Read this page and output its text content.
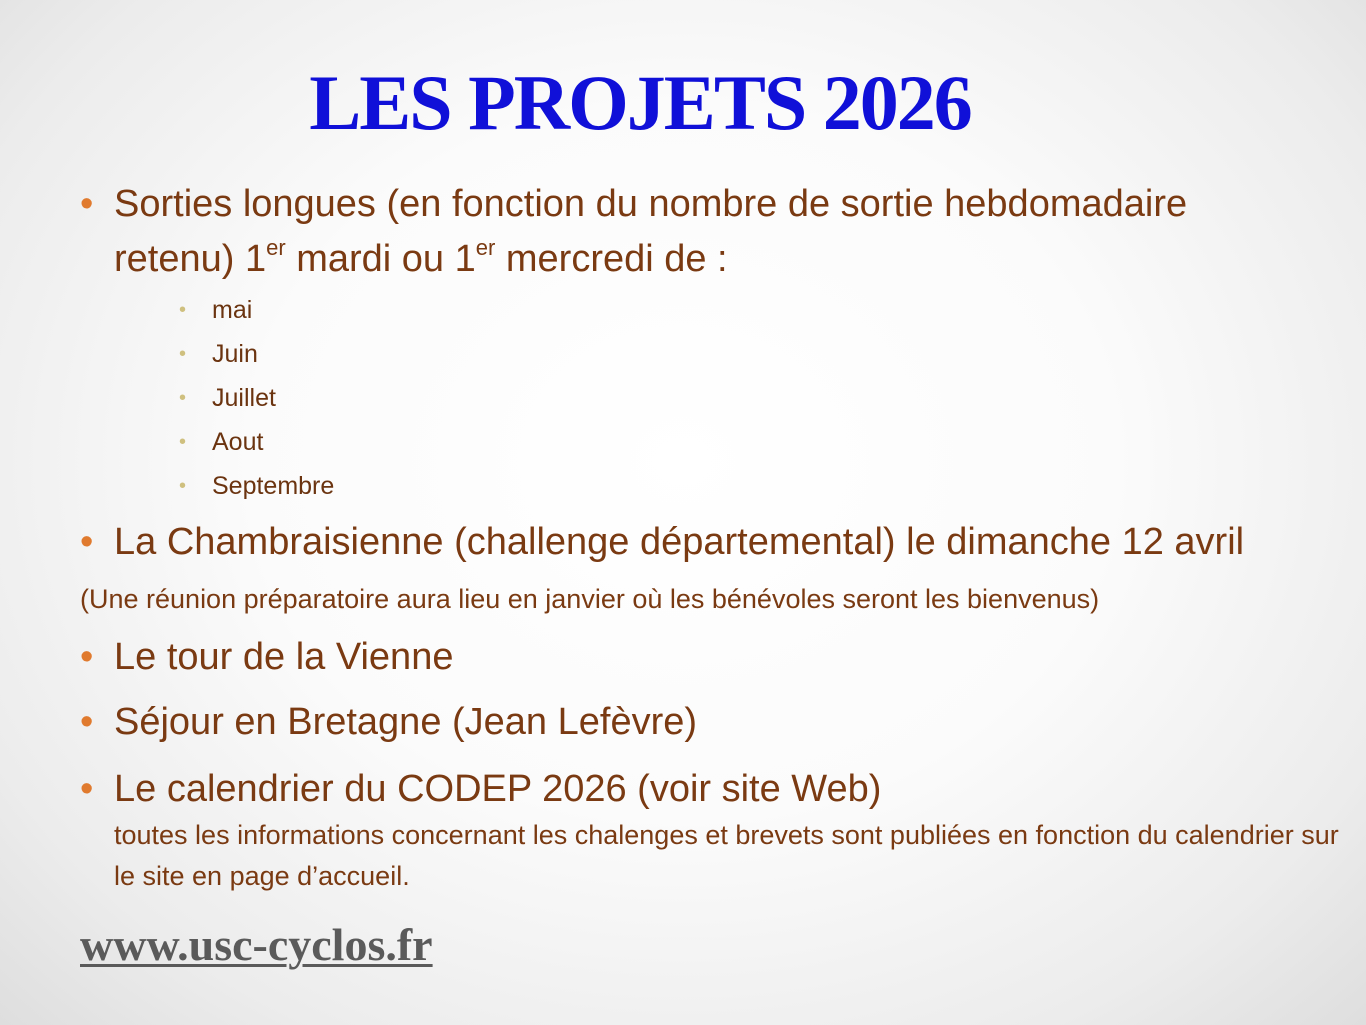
LES PROJETS 2026
• Sorties longues (en fonction du nombre de sortie hebdomadaire
retenu) 1er mardi ou 1er mercredi de :
• mai
• Juin
• Juillet
• Aout
• Septembre
• La Chambraisienne (challenge départemental) le dimanche 12 avril
(Une réunion préparatoire aura lieu en janvier où les bénévoles seront les bienvenus)
• Le tour de la Vienne
• Séjour en Bretagne (Jean Lefèvre)
• Le calendrier du CODEP 2026 (voir site Web)
toutes les informations concernant les chalenges et brevets sont publiées en fonction du calendrier sur le site en page d’accueil.
www.usc-cyclos.fr
